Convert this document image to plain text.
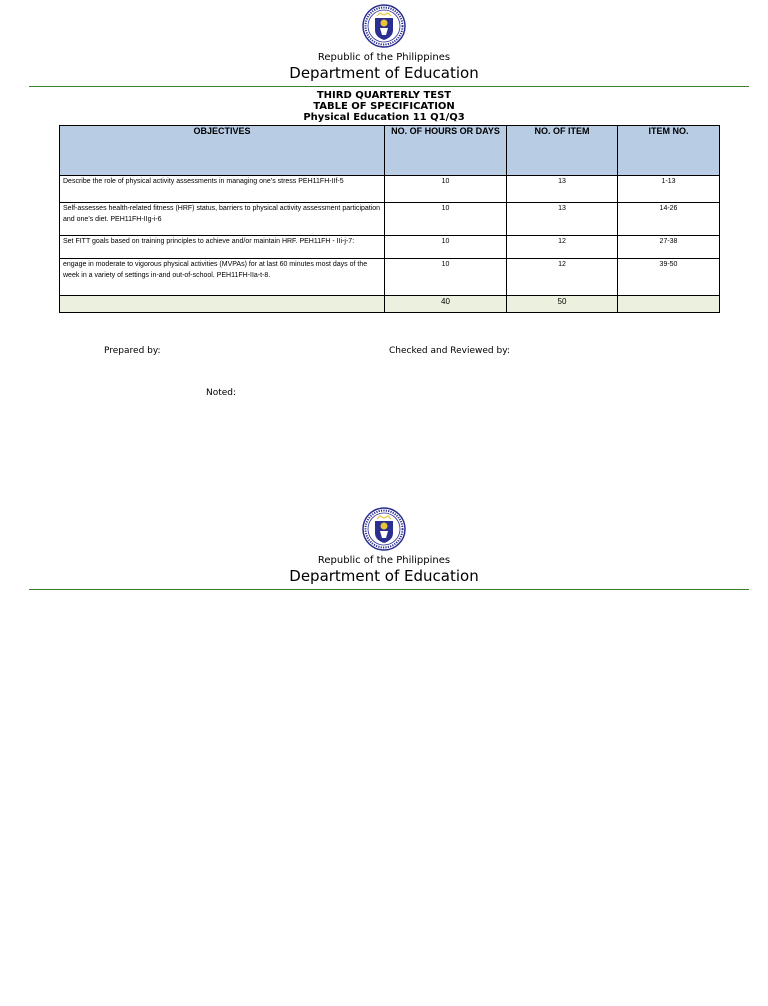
Republic of the Philippines
Department of Education
THIRD QUARTERLY TEST
TABLE OF SPECIFICATION
Physical Education 11 Q1/Q3
OBJECTIVES	NO. OF HOURS OR DAYS	NO. OF ITEM	ITEM NO.
Describe the role of physical activity assessments in managing one’s stress PEH11FH-IIf-5	10	13	1-13
Self-assesses health-related fitness (HRF) status, barriers to physical activity assessment participation and one’s diet. PEH11FH-IIg-i-6	10	13	14-26
Set FITT goals based on training principles to achieve and/or maintain HRF. PEH11FH - IIi-j-7:	10	12	27-38
engage in moderate to vigorous physical activities (MVPAs) for at last 60 minutes most days of the week in a variety of settings in-and out-of-school. PEH11FH-IIa-t-8.	10	12	39-50
	40	50	
Prepared by:	Checked and Reviewed by:
Noted:
Republic of the Philippines
Department of Education
